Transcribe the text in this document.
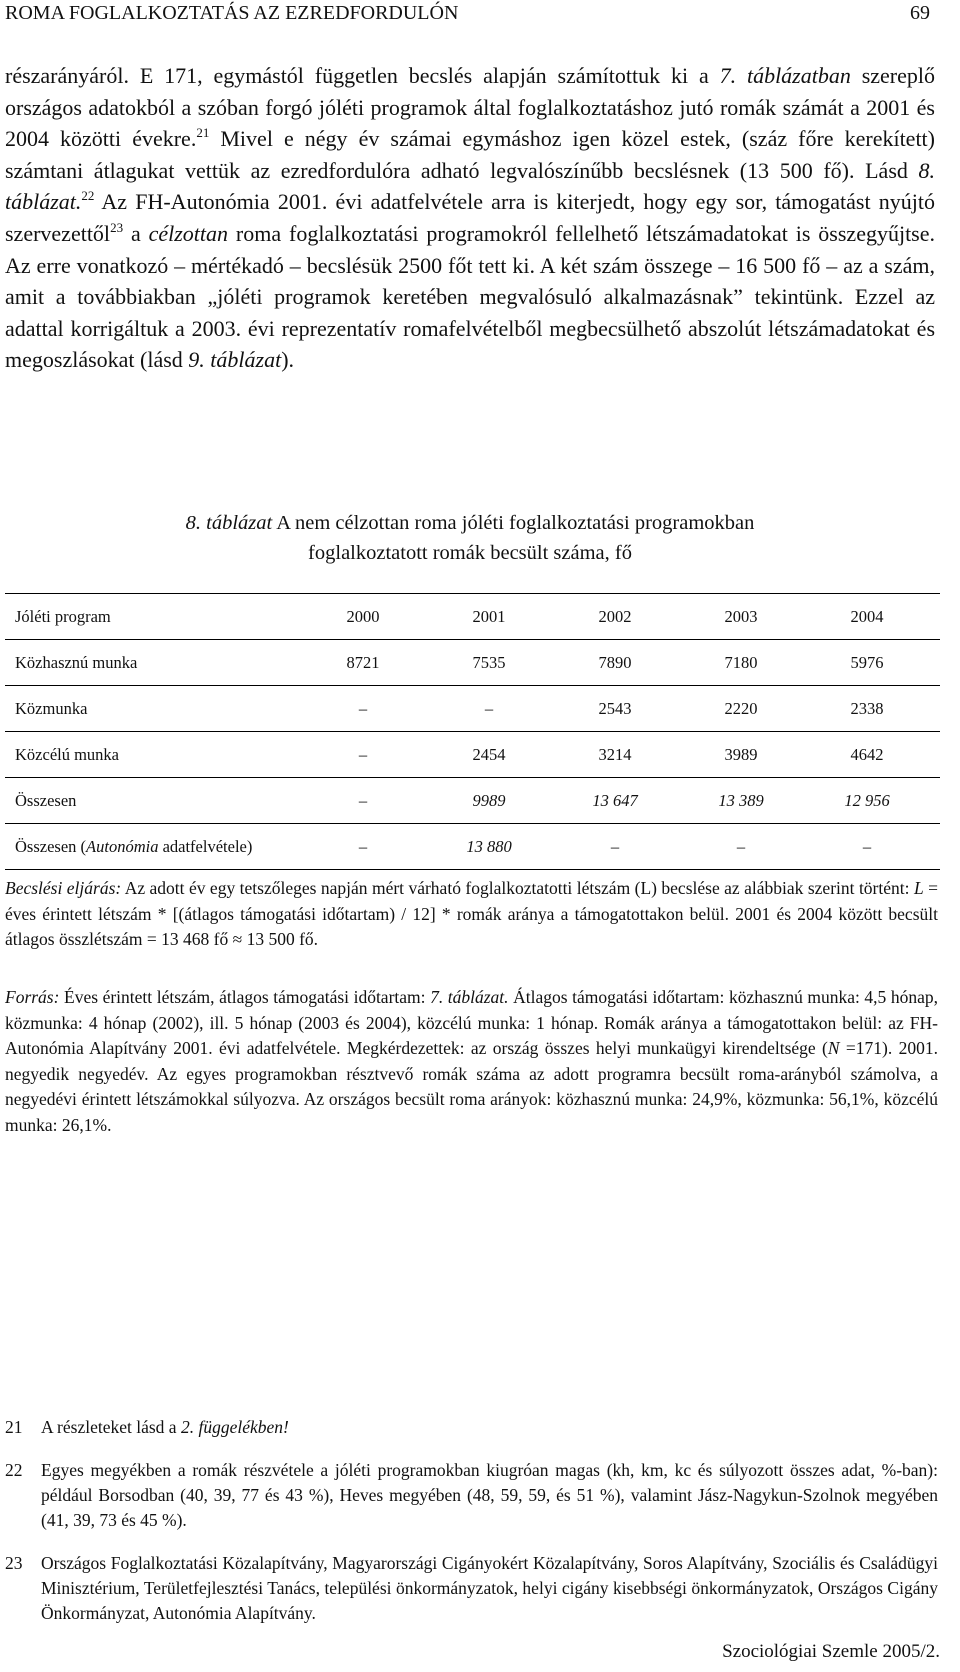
ROMA FOGLALKOZTATÁS AZ EZREDFORDULÓN	69

részarányáról. E 171, egymástól független becslés alapján számítottuk ki a 7. táblázatban szereplő országos adatokból a szóban forgó jóléti programok által foglalkoztatáshoz jutó romák számát a 2001 és 2004 közötti évekre.$^{21}$ Mivel e négy év számai egymáshoz igen közel estek, (száz főre kerekített) számtani átlagukat vettük az ezredfordulóra adható legvalószínűbb becslésnek (13 500 fő). Lásd 8. táblázat.$^{22}$ Az FH-Autonómia 2001. évi adatfelvétele arra is kiterjedt, hogy egy sor, támogatást nyújtó szervezettől$^{23}$ a célzottan roma foglalkoztatási programokról fellelhető létszámadatokat is összegyűjtse. Az erre vonatkozó – mértékadó – becslésük 2500 főt tett ki. A két szám összege – 16 500 fő – az a szám, amit a továbbiakban „jóléti programok keretében megvalósuló alkalmazásnak” tekintünk. Ezzel az adattal korrigáltuk a 2003. évi reprezentatív romafelvételből megbecsülhető abszolút létszámadatokat és megoszlásokat (lásd 9. táblázat).

8. táblázat A nem célzottan roma jóléti foglalkoztatási programokban
foglalkoztatott romák becsült száma, fő
Jóléti program	2000	2001	2002	2003	2004
Közhasznú munka	8721	7535	7890	7180	5976
Közmunka	–	–	2543	2220	2338
Közcélú munka	–	2454	3214	3989	4642
Összesen	–	9989	13 647	13 389	12 956
Összesen (Autonómia adatfelvétele)	–	13 880	–	–	–

Becslési eljárás: Az adott év egy tetszőleges napján mért várható foglalkoztatotti létszám (L) becslése az alábbiak szerint történt: L = éves érintett létszám * [(átlagos támogatási időtartam) / 12] * romák aránya a támogatottakon belül. 2001 és 2004 között becsült átlagos összlétszám = 13 468 fő ≈ 13 500 fő.

Forrás: Éves érintett létszám, átlagos támogatási időtartam: 7. táblázat. Átlagos támogatási időtartam: közhasznú munka: 4,5 hónap, közmunka: 4 hónap (2002), ill. 5 hónap (2003 és 2004), közcélú munka: 1 hónap. Romák aránya a támogatottakon belül: az FH-Autonómia Alapítvány 2001. évi adatfelvétele. Megkérdezettek: az ország összes helyi munkaügyi kirendeltsége (N =171). 2001. negyedik negyedév. Az egyes programokban résztvevő romák száma az adott programra becsült roma-arányból számolva, a negyedévi érintett létszámokkal súlyozva. Az országos becsült roma arányok: közhasznú munka: 24,9%, közmunka: 56,1%, közcélú munka: 26,1%.

21	A részleteket lásd a 2. függelékben!
22	Egyes megyékben a romák részvétele a jóléti programokban kiugróan magas (kh, km, kc és súlyozott összes adat, %-ban): például Borsodban (40, 39, 77 és 43 %), Heves megyében (48, 59, 59, és 51 %), valamint Jász-Nagykun-Szolnok megyében (41, 39, 73 és 45 %).
23	Országos Foglalkoztatási Közalapítvány, Magyarországi Cigányokért Közalapítvány, Soros Alapítvány, Szociális és Családügyi Minisztérium, Területfejlesztési Tanács, települési önkormányzatok, helyi cigány kisebbségi önkormányzatok, Országos Cigány Önkormányzat, Autonómia Alapítvány.
Szociológiai Szemle 2005/2.
